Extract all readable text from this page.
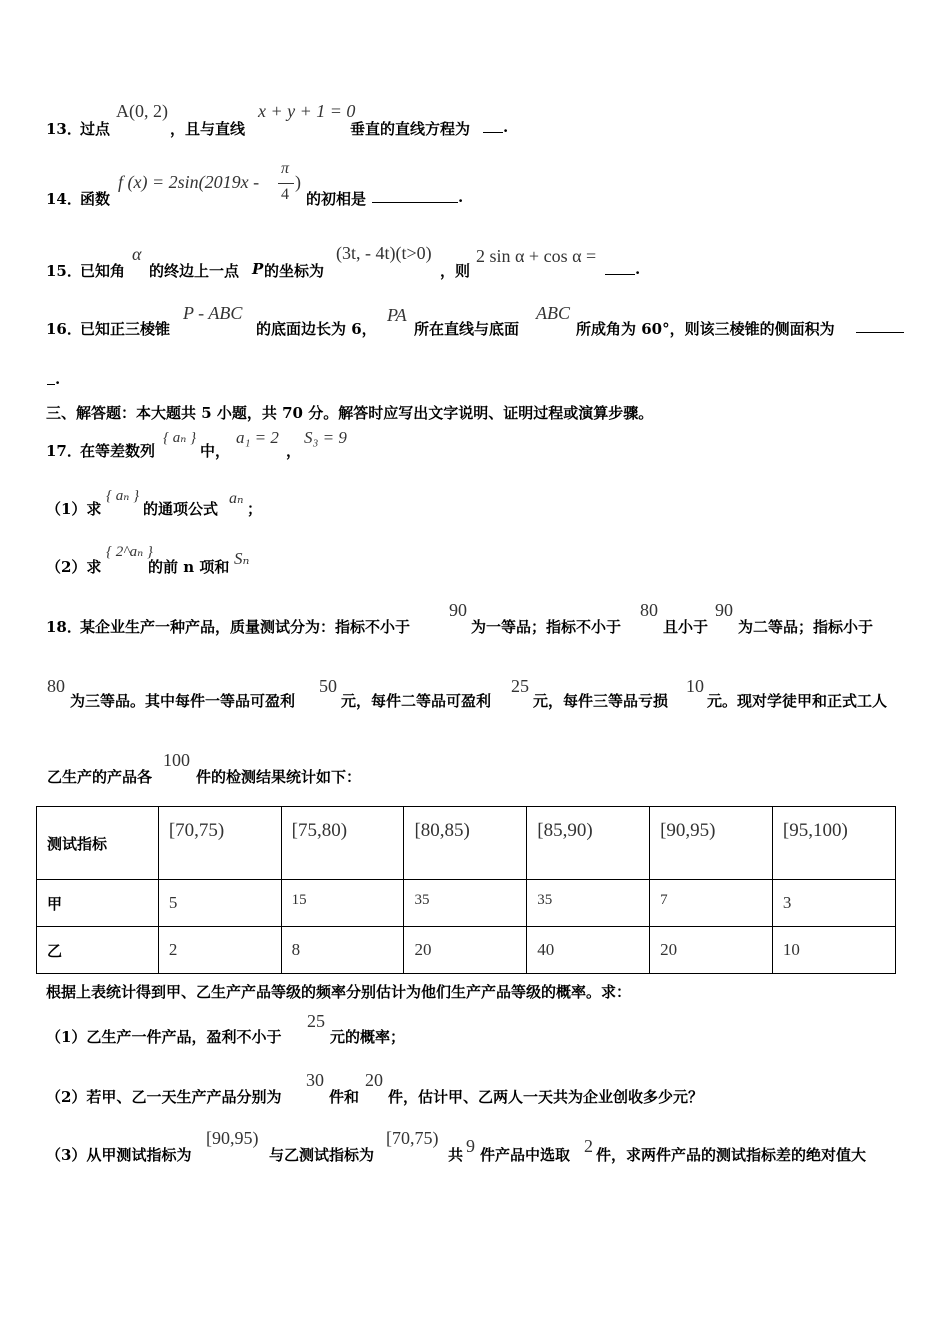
13．
过点
A(0, 2)
，且与直线
x + y + 1 = 0
垂直的直线方程为 .
14．
函数
f (x) = 2sin(2019x -
π
4
)
的初相是	.
15．
已知角
α
的终边上一点 P 的坐标为
(3t, - 4t)(t>0)
，则
2 sin α + cos α =
.
16．
已知正三棱锥
P - ABC
的底面边长为 6，
PA
所在直线与底面
ABC
所成角为 60°，则该三棱锥的侧面积为
.
三、解答题：本大题共 5 小题，共 70 分。解答时应写出文字说明、证明过程或演算步骤。
17．
在等差数列
{ aₙ }
中，
a₁ = 2
，
S₃ = 9
（1）求
{ aₙ }
的通项公式
aₙ
；
（2）求
{ 2^aₙ }
的前 n 项和 Sₙ
18．
某企业生产一种产品，质量测试分为：指标不小于
90
为一等品；指标不小于
80
且小于
90
为二等品；指标小于
80
为三等品。其中每件一等品可盈利
50
元，每件二等品可盈利
25
元，每件三等品亏损
10
元。现对学徒甲和正式工人
乙生产的产品各
100
件的检测结果统计如下：
测试指标	[70,75)	[75,80)	[80,85)	[85,90)	[90,95)	[95,100)
甲	5	15	35	35	7	3
乙	2	8	20	40	20	10
根据上表统计得到甲、乙生产产品等级的频率分别估计为他们生产产品等级的概率。求：
（1）乙生产一件产品，盈利不小于
25
元的概率；
（2）若甲、乙一天生产产品分别为
30
件和
20
件，估计甲、乙两人一天共为企业创收多少元？
（3）从甲测试指标为
[90,95)
与乙测试指标为
[70,75)
共 9 件产品中选取 2 件，求两件产品的测试指标差的绝对值大
